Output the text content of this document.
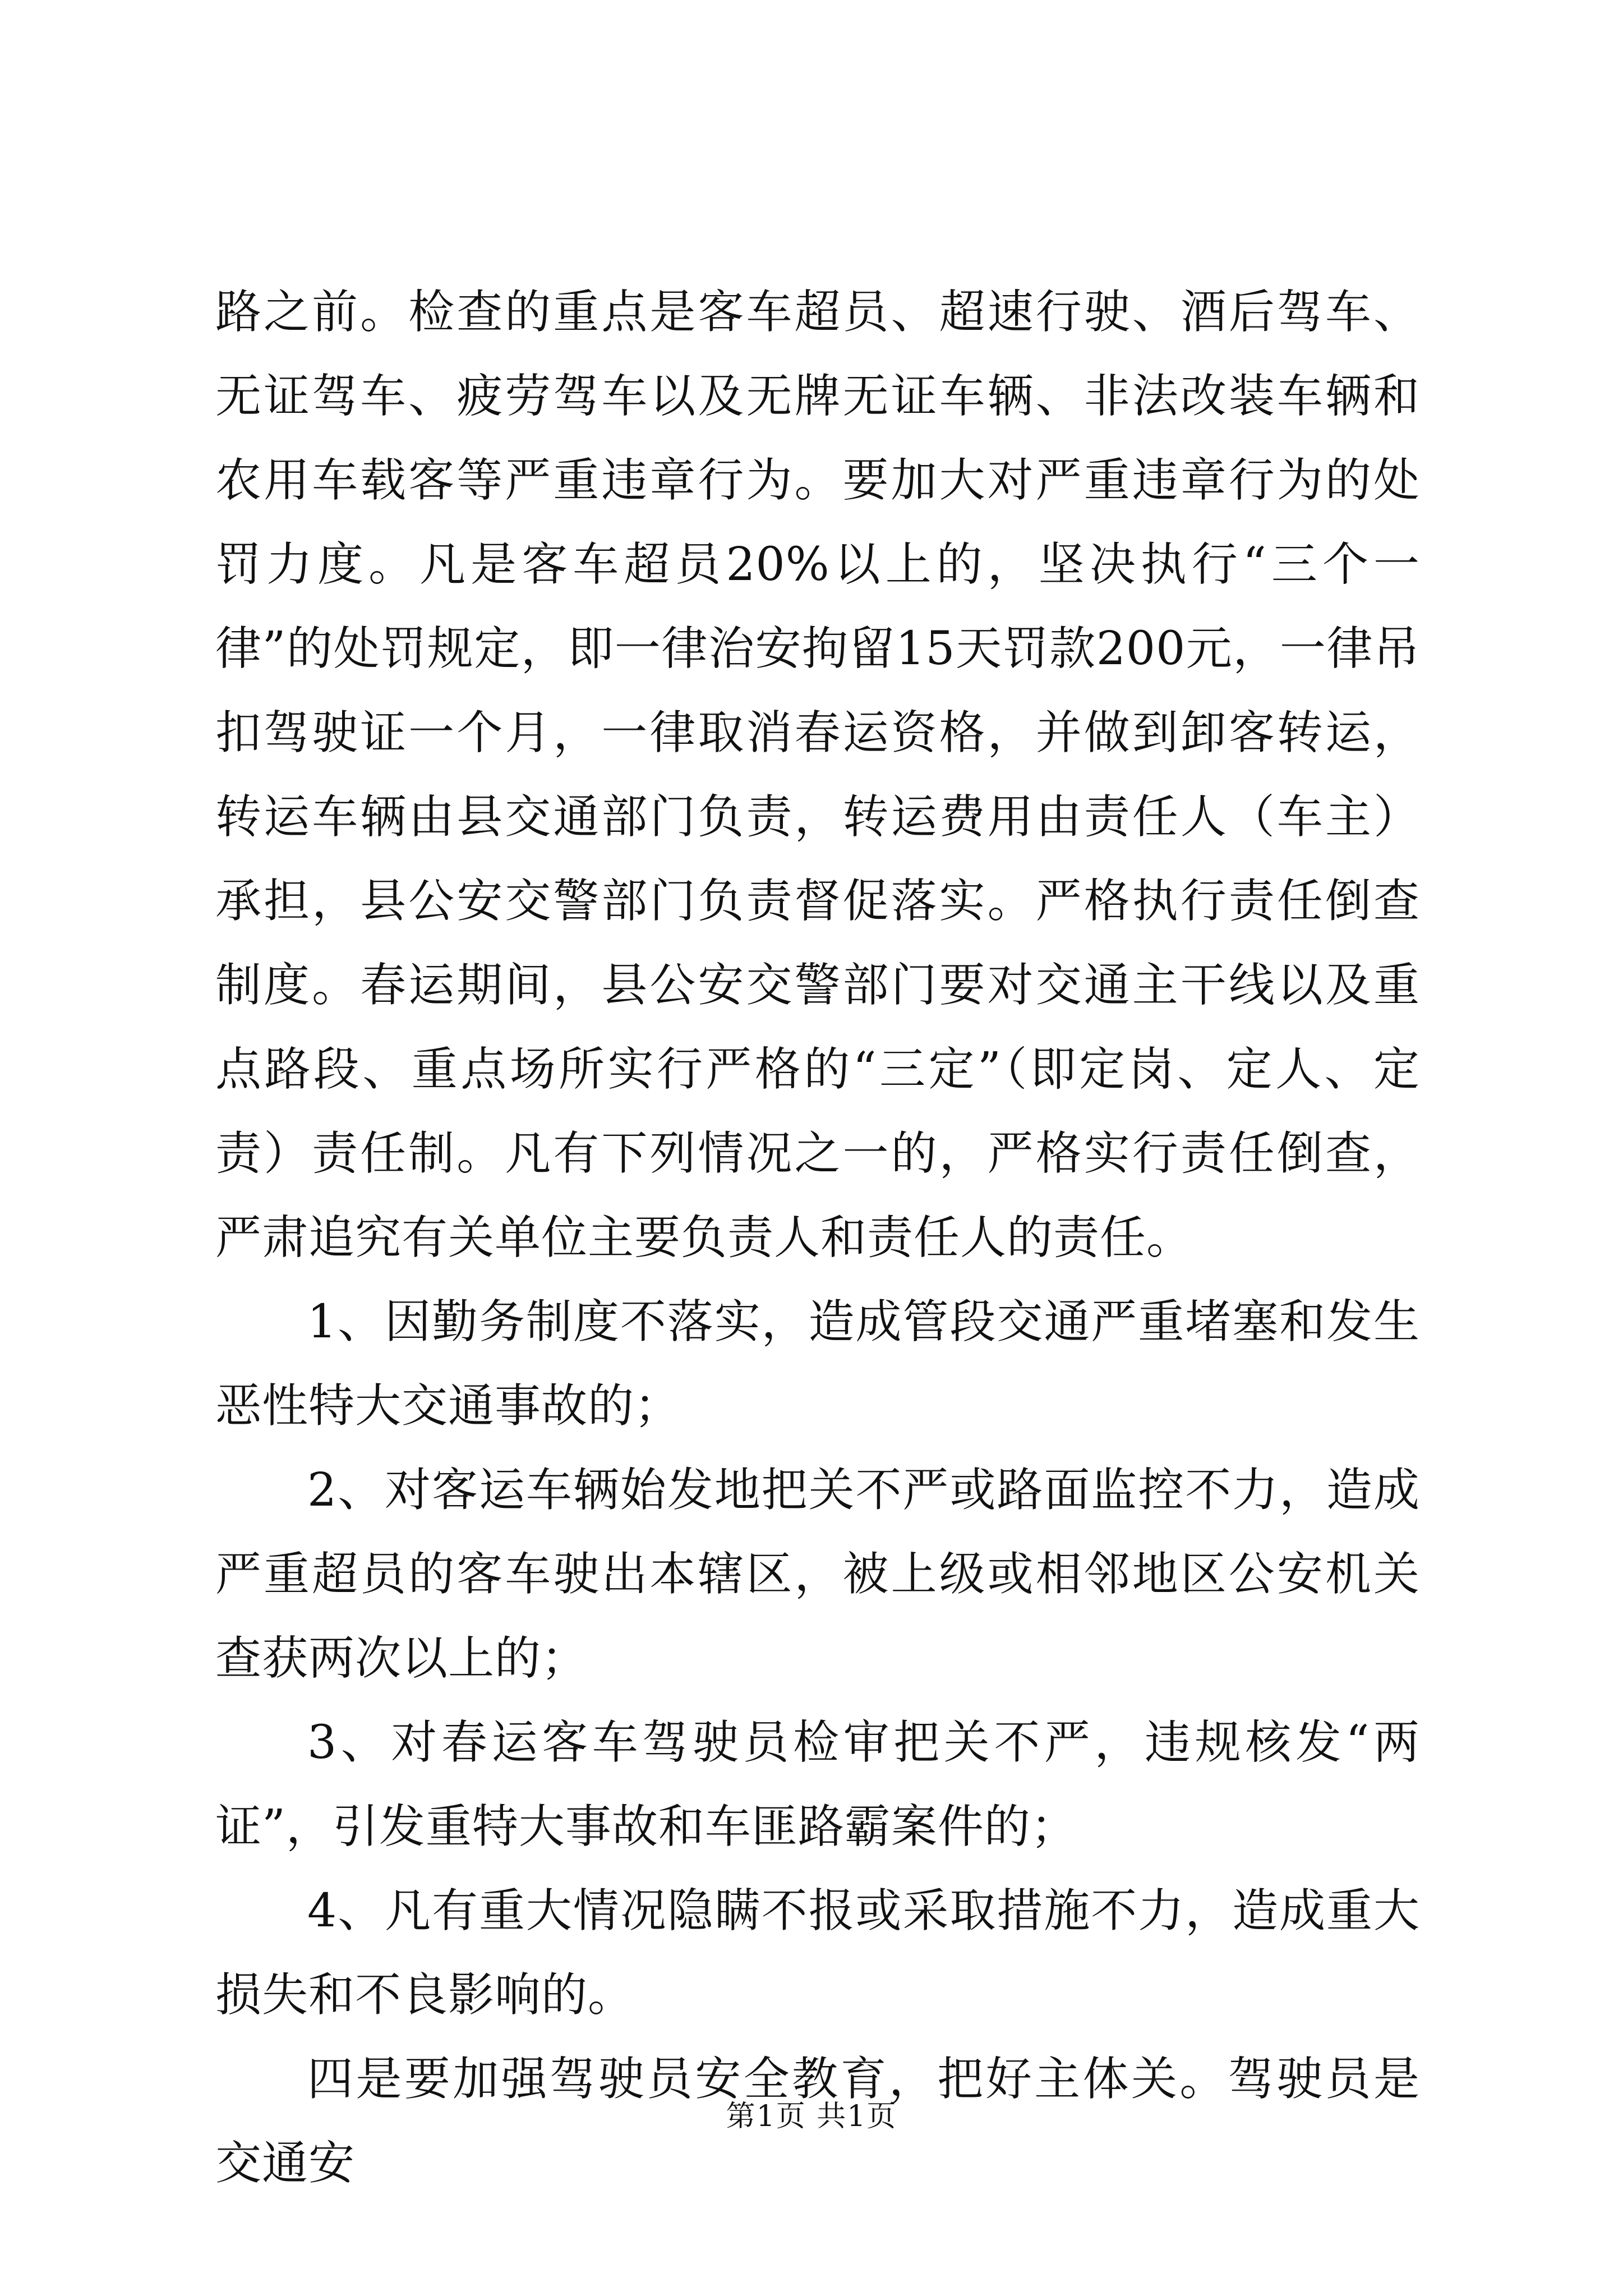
路之前。检查的重点是客车超员、超速行驶、酒后驾车、无证驾车、疲劳驾车以及无牌无证车辆、非法改装车辆和农用车载客等严重违章行为。要加大对严重违章行为的处罚力度。凡是客车超员20%以上的，坚决执行“三个一律”的处罚规定，即一律治安拘留15天罚款200元，一律吊扣驾驶证一个月，一律取消春运资格，并做到卸客转运，转运车辆由县交通部门负责，转运费用由责任人（车主）承担，县公安交警部门负责督促落实。严格执行责任倒查制度。春运期间，县公安交警部门要对交通主干线以及重点路段、重点场所实行严格的“三定”（即定岗、定人、定责）责任制。凡有下列情况之一的，严格实行责任倒查，严肃追究有关单位主要负责人和责任人的责任。

1、因勤务制度不落实，造成管段交通严重堵塞和发生恶性特大交通事故的；

2、对客运车辆始发地把关不严或路面监控不力，造成严重超员的客车驶出本辖区，被上级或相邻地区公安机关查获两次以上的；

3、对春运客车驾驶员检审把关不严，违规核发“两证”，引发重特大事故和车匪路霸案件的；

4、凡有重大情况隐瞒不报或采取措施不力，造成重大损失和不良影响的。

四是要加强驾驶员安全教育，把好主体关。驾驶员是交通安

第1页 共1页
